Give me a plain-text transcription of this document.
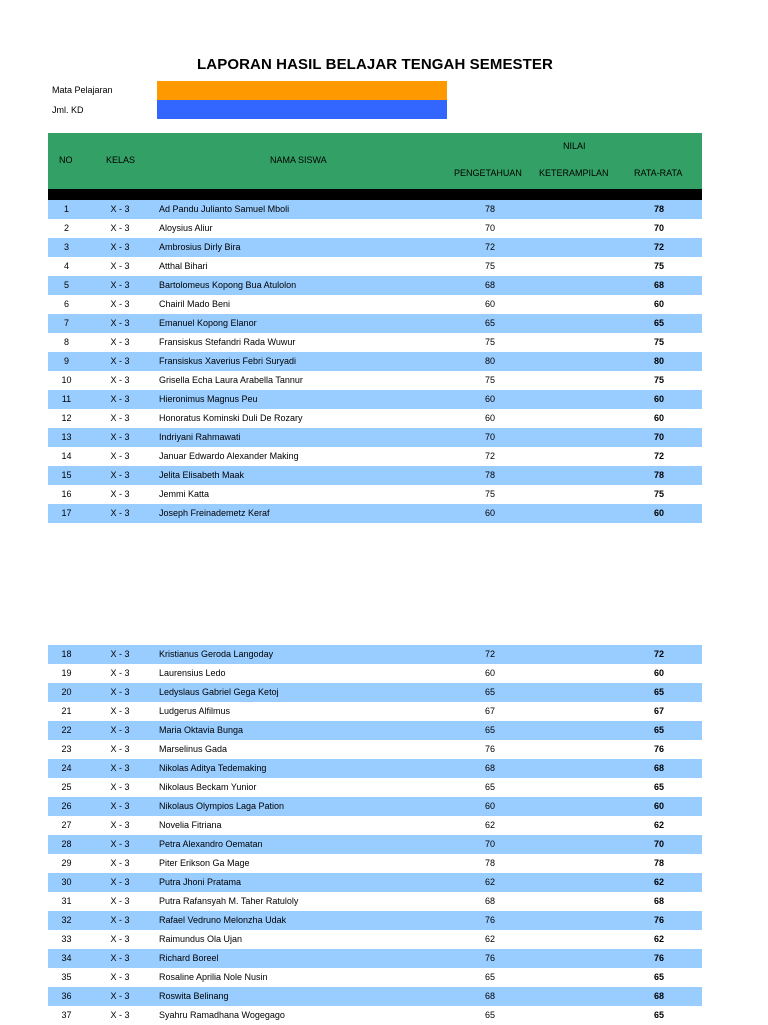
LAPORAN HASIL BELAJAR TENGAH SEMESTER
Mata Pelajaran
Jml. KD
NO	KELAS	NAMA SISWA
NILAI
PENGETAHUAN KETERAMPILAN	RATA-RATA
1	X - 3	Ad Pandu Julianto Samuel Mboli	78	78
2	X - 3	Aloysius Aliur	70	70
3	X - 3	Ambrosius Dirly Bira	72	72
4	X - 3	Atthal Bihari	75	75
5	X - 3	Bartolomeus Kopong Bua Atulolon	68	68
6	X - 3	Chairil Mado Beni	60	60
7	X - 3	Emanuel Kopong Elanor	65	65
8	X - 3	Fransiskus Stefandri Rada Wuwur	75	75
9	X - 3	Fransiskus Xaverius Febri Suryadi	80	80
10	X - 3	Grisella Echa Laura Arabella Tannur	75	75
11	X - 3	Hieronimus Magnus Peu	60	60
12	X - 3	Honoratus Kominski Duli De Rozary	60	60
13	X - 3	Indriyani Rahmawati	70	70
14	X - 3	Januar Edwardo Alexander Making	72	72
15	X - 3	Jelita Elisabeth Maak	78	78
16	X - 3	Jemmi Katta	75	75
17	X - 3	Joseph Freinademetz Keraf	60	60
18	X - 3	Kristianus Geroda Langoday	72	72
19	X - 3	Laurensius Ledo	60	60
20	X - 3	Ledyslaus Gabriel Gega Ketoj	65	65
21	X - 3	Ludgerus Alfilmus	67	67
22	X - 3	Maria Oktavia Bunga	65	65
23	X - 3	Marselinus Gada	76	76
24	X - 3	Nikolas Aditya Tedemaking	68	68
25	X - 3	Nikolaus Beckam Yunior	65	65
26	X - 3	Nikolaus Olympios Laga Pation	60	60
27	X - 3	Novelia Fitriana	62	62
28	X - 3	Petra Alexandro Oematan	70	70
29	X - 3	Piter Erikson Ga Mage	78	78
30	X - 3	Putra Jhoni Pratama	62	62
31	X - 3	Putra Rafansyah M. Taher Ratuloly	68	68
32	X - 3	Rafael Vedruno Melonzha Udak	76	76
33	X - 3	Raimundus Ola Ujan	62	62
34	X - 3	Richard Boreel	76	76
35	X - 3	Rosaline Aprilia Nole Nusin	65	65
36	X - 3	Roswita Belinang	68	68
37	X - 3	Syahru Ramadhana Wogegago	65	65
